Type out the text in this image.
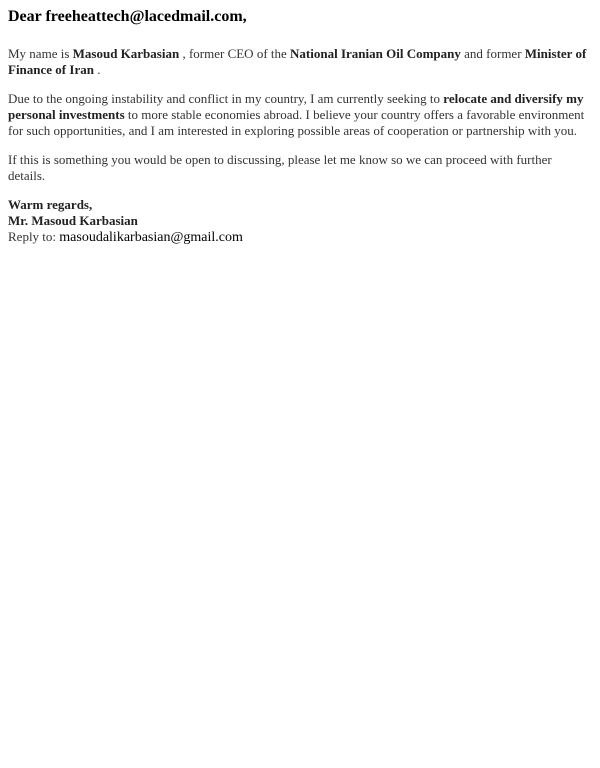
Dear freeheattech@lacedmail.com,

My name is Masoud Karbasian , former CEO of the National Iranian Oil Company and former Minister of Finance of Iran .

Due to the ongoing instability and conflict in my country, I am currently seeking to relocate and diversify my personal investments to more stable economies abroad. I believe your country offers a favorable environment for such opportunities, and I am interested in exploring possible areas of cooperation or partnership with you.

If this is something you would be open to discussing, please let me know so we can proceed with further details.

Warm regards,
Mr. Masoud Karbasian
Reply to: masoudalikarbasian@gmail.com
